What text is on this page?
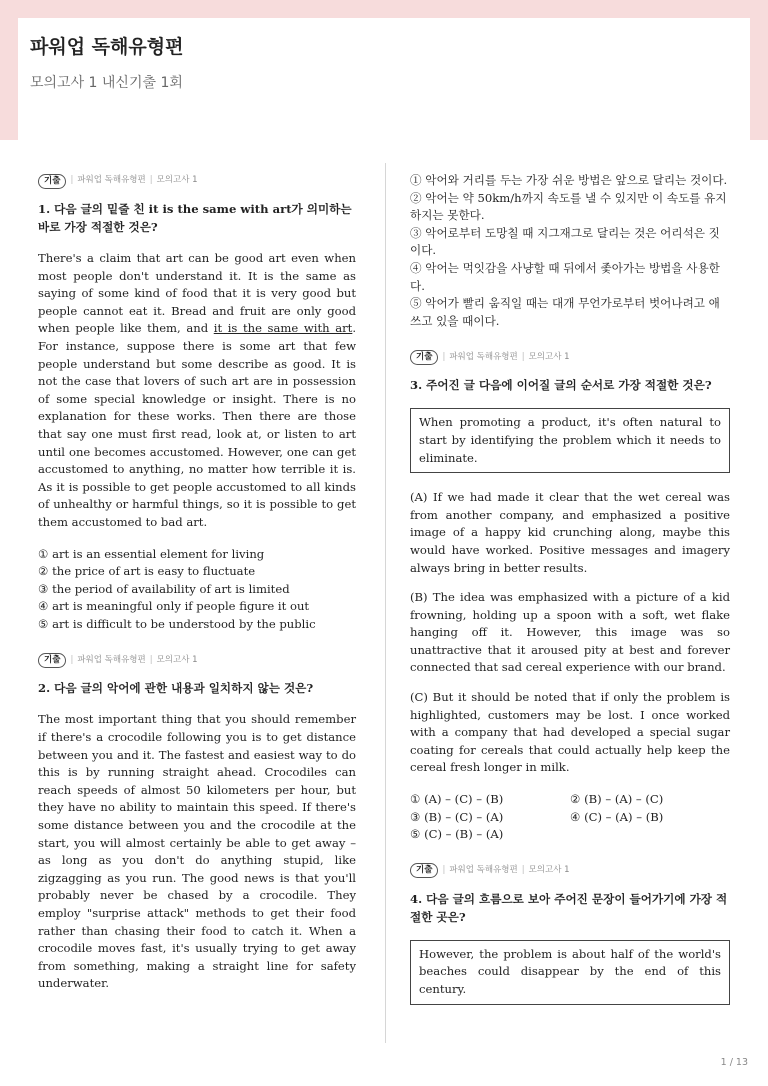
파워업 독해유형편
모의고사 1 내신기출 1회
기출	| 파워업 독해유형편 | 모의고사 1
1. 다음 글의 밑줄 친 it is the same with art가 의미하는 바로 가장 적절한 것은?

There's a claim that art can be good art even when most people don't understand it. It is the same as saying of some kind of food that it is very good but people cannot eat it. Bread and fruit are only good when people like them, and it is the same with art. For instance, suppose there is some art that few people understand but some describe as good. It is not the case that lovers of such art are in possession of some special knowledge or insight. There is no explanation for these works. Then there are those that say one must first read, look at, or listen to art until one becomes accustomed. However, one can get accustomed to anything, no matter how terrible it is. As it is possible to get people accustomed to all kinds of unhealthy or harmful things, so it is possible to get them accustomed to bad art.

① art is an essential element for living
② the price of art is easy to fluctuate
③ the period of availability of art is limited
④ art is meaningful only if people figure it out
⑤ art is difficult to be understood by the public
기출	| 파워업 독해유형편 | 모의고사 1
2. 다음 글의 악어에 관한 내용과 일치하지 않는 것은?

The most important thing that you should remember if there's a crocodile following you is to get distance between you and it. The fastest and easiest way to do this is by running straight ahead. Crocodiles can reach speeds of almost 50 kilometers per hour, but they have no ability to maintain this speed. If there's some distance between you and the crocodile at the start, you will almost certainly be able to get away – as long as you don't do anything stupid, like zigzagging as you run. The good news is that you'll probably never be chased by a crocodile. They employ "surprise attack" methods to get their food rather than chasing their food to catch it. When a crocodile moves fast, it's usually trying to get away from something, making a straight line for safety underwater.

① 악어와 거리를 두는 가장 쉬운 방법은 앞으로 달리는 것이다.
② 악어는 약 50km/h까지 속도를 낼 수 있지만 이 속도를 유지하지는 못한다.
③ 악어로부터 도망칠 때 지그재그로 달리는 것은 어리석은 짓이다.
④ 악어는 먹잇감을 사냥할 때 뒤에서 좇아가는 방법을 사용한다.
⑤ 악어가 빨리 움직일 때는 대개 무언가로부터 벗어나려고 애쓰고 있을 때이다.
기출	| 파워업 독해유형편 | 모의고사 1
3. 주어진 글 다음에 이어질 글의 순서로 가장 적절한 것은?
When promoting a product, it's often natural to start by identifying the problem which it needs to eliminate.

(A) If we had made it clear that the wet cereal was from another company, and emphasized a positive image of a happy kid crunching along, maybe this would have worked. Positive messages and imagery always bring in better results.

(B) The idea was emphasized with a picture of a kid frowning, holding up a spoon with a soft, wet flake hanging off it. However, this image was so unattractive that it aroused pity at best and forever connected that sad cereal experience with our brand.

(C) But it should be noted that if only the problem is highlighted, customers may be lost. I once worked with a company that had developed a special sugar coating for cereals that could actually help keep the cereal fresh longer in milk.

① (A) – (C) – (B)	② (B) – (A) – (C)
③ (B) – (C) – (A)	④ (C) – (A) – (B)
⑤ (C) – (B) – (A)
기출	| 파워업 독해유형편 | 모의고사 1
4. 다음 글의 흐름으로 보아 주어진 문장이 들어가기에 가장 적절한 곳은?
However, the problem is about half of the world's beaches could disappear by the end of this century.
1 / 13
